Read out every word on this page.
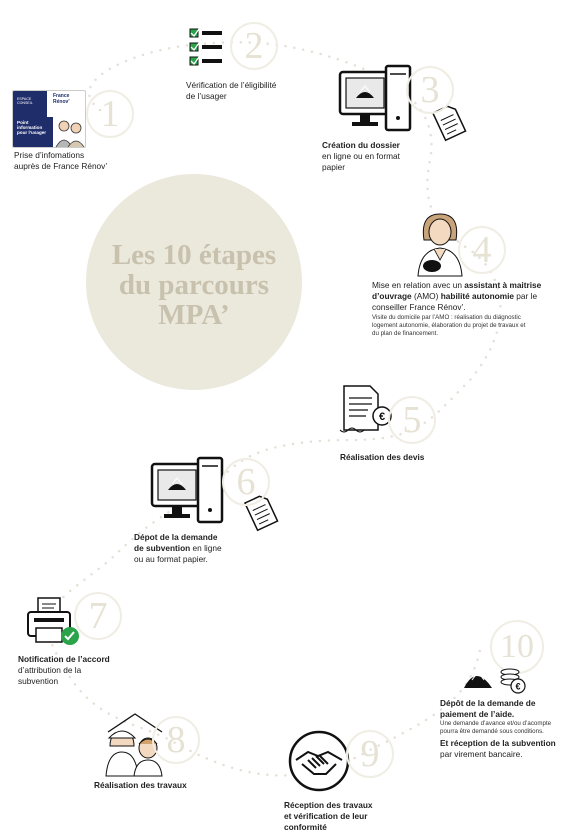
Les 10 étapes
du parcours
MPA’
ESPACE
CONSEIL
France
Rénov’
Point
information
pour l’usager	1
Prise d’infomations
auprès de France Rénov’
2
Vérification de l’éligibilité
de l’usager	3
Création du dossier
en ligne ou en format
papier
4
Mise en relation avec un assistant à maitrise
d’ouvrage (AMO) habilité autonomie par le
conseiller France Rénov’.
Visite du domicile par l’AMO : réalisation du diagnostic
logement autonomie, élaboration du projet de travaux et
du plan de financement.
€ 5
Réalisation des devis
6
Dépot de la demande
de subvention en ligne
ou au format papier.
7
Notification de l’accord
d’attribution de la
subvention
8
Réalisation des travaux
9
Réception des travaux
et vérification de leur
conformité
10
€
Dépôt de la demande de
paiement de l’aide.
Une demande d’avance et/ou d’acompte
pourra être demandé sous conditions.
Et réception de la subvention
par virement bancaire.
